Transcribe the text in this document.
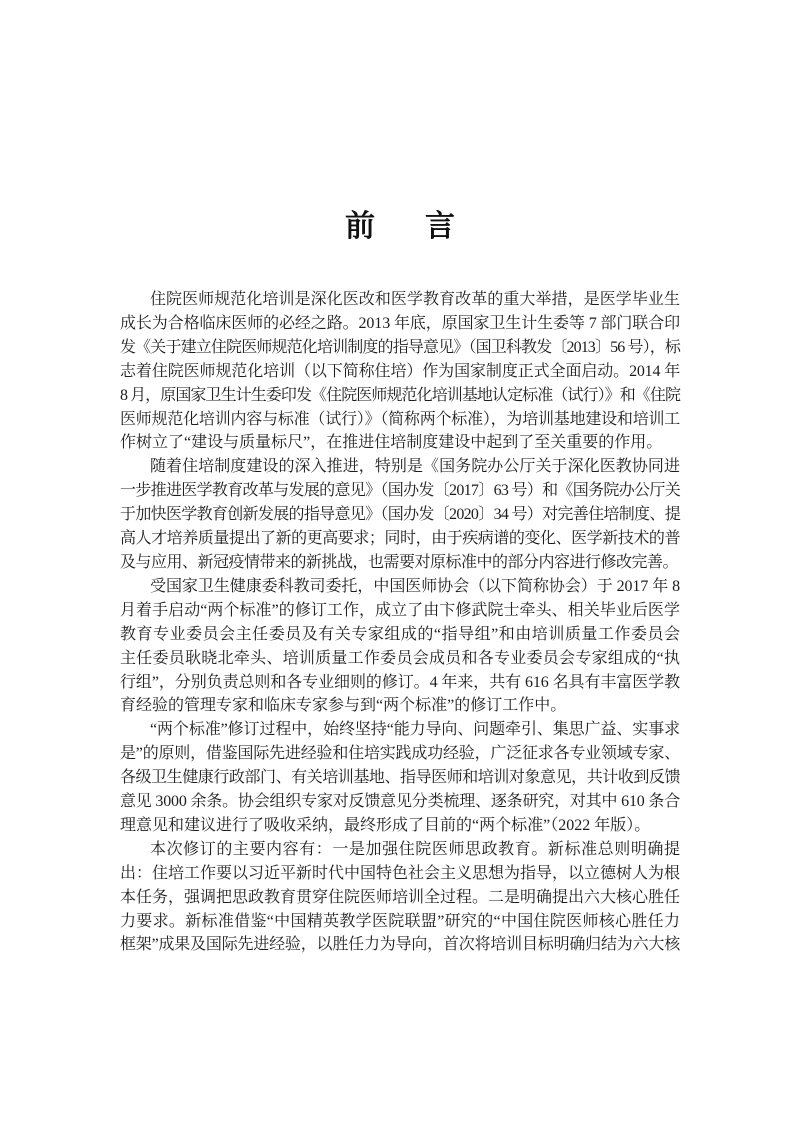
前言
住院医师规范化培训是深化医改和医学教育改革的重大举措，是医学毕业生
成长为合格临床医师的必经之路。2013 年底，原国家卫生计生委等 7 部门联合印
发《关于建立住院医师规范化培训制度的指导意见》（国卫科教发〔2013〕56 号），标
志着住院医师规范化培训（以下简称住培）作为国家制度正式全面启动。2014 年
8 月，原国家卫生计生委印发《住院医师规范化培训基地认定标准（试行）》和《住院
医师规范化培训内容与标准（试行）》（简称两个标准），为培训基地建设和培训工
作树立了“建设与质量标尺”，在推进住培制度建设中起到了至关重要的作用。
随着住培制度建设的深入推进，特别是《国务院办公厅关于深化医教协同进
一步推进医学教育改革与发展的意见》（国办发〔2017〕63 号）和《国务院办公厅关
于加快医学教育创新发展的指导意见》（国办发〔2020〕34 号）对完善住培制度、提
高人才培养质量提出了新的更高要求；同时，由于疾病谱的变化、医学新技术的普
及与应用、新冠疫情带来的新挑战，也需要对原标准中的部分内容进行修改完善。
受国家卫生健康委科教司委托，中国医师协会（以下简称协会）于 2017 年 8
月着手启动“两个标准”的修订工作，成立了由卞修武院士牵头、相关毕业后医学
教育专业委员会主任委员及有关专家组成的“指导组”和由培训质量工作委员会
主任委员耿晓北牵头、培训质量工作委员会成员和各专业委员会专家组成的“执
行组”，分别负责总则和各专业细则的修订。4 年来，共有 616 名具有丰富医学教
育经验的管理专家和临床专家参与到“两个标准”的修订工作中。
“两个标准”修订过程中，始终坚持“能力导向、问题牵引、集思广益、实事求
是”的原则，借鉴国际先进经验和住培实践成功经验，广泛征求各专业领域专家、
各级卫生健康行政部门、有关培训基地、指导医师和培训对象意见，共计收到反馈
意见 3000 余条。协会组织专家对反馈意见分类梳理、逐条研究，对其中 610 条合
理意见和建议进行了吸收采纳，最终形成了目前的“两个标准”（2022 年版）。
本次修订的主要内容有：一是加强住院医师思政教育。新标准总则明确提
出：住培工作要以习近平新时代中国特色社会主义思想为指导，以立德树人为根
本任务，强调把思政教育贯穿住院医师培训全过程。二是明确提出六大核心胜任
力要求。新标准借鉴“中国精英教学医院联盟”研究的“中国住院医师核心胜任力
框架”成果及国际先进经验，以胜任力为导向，首次将培训目标明确归结为六大核
